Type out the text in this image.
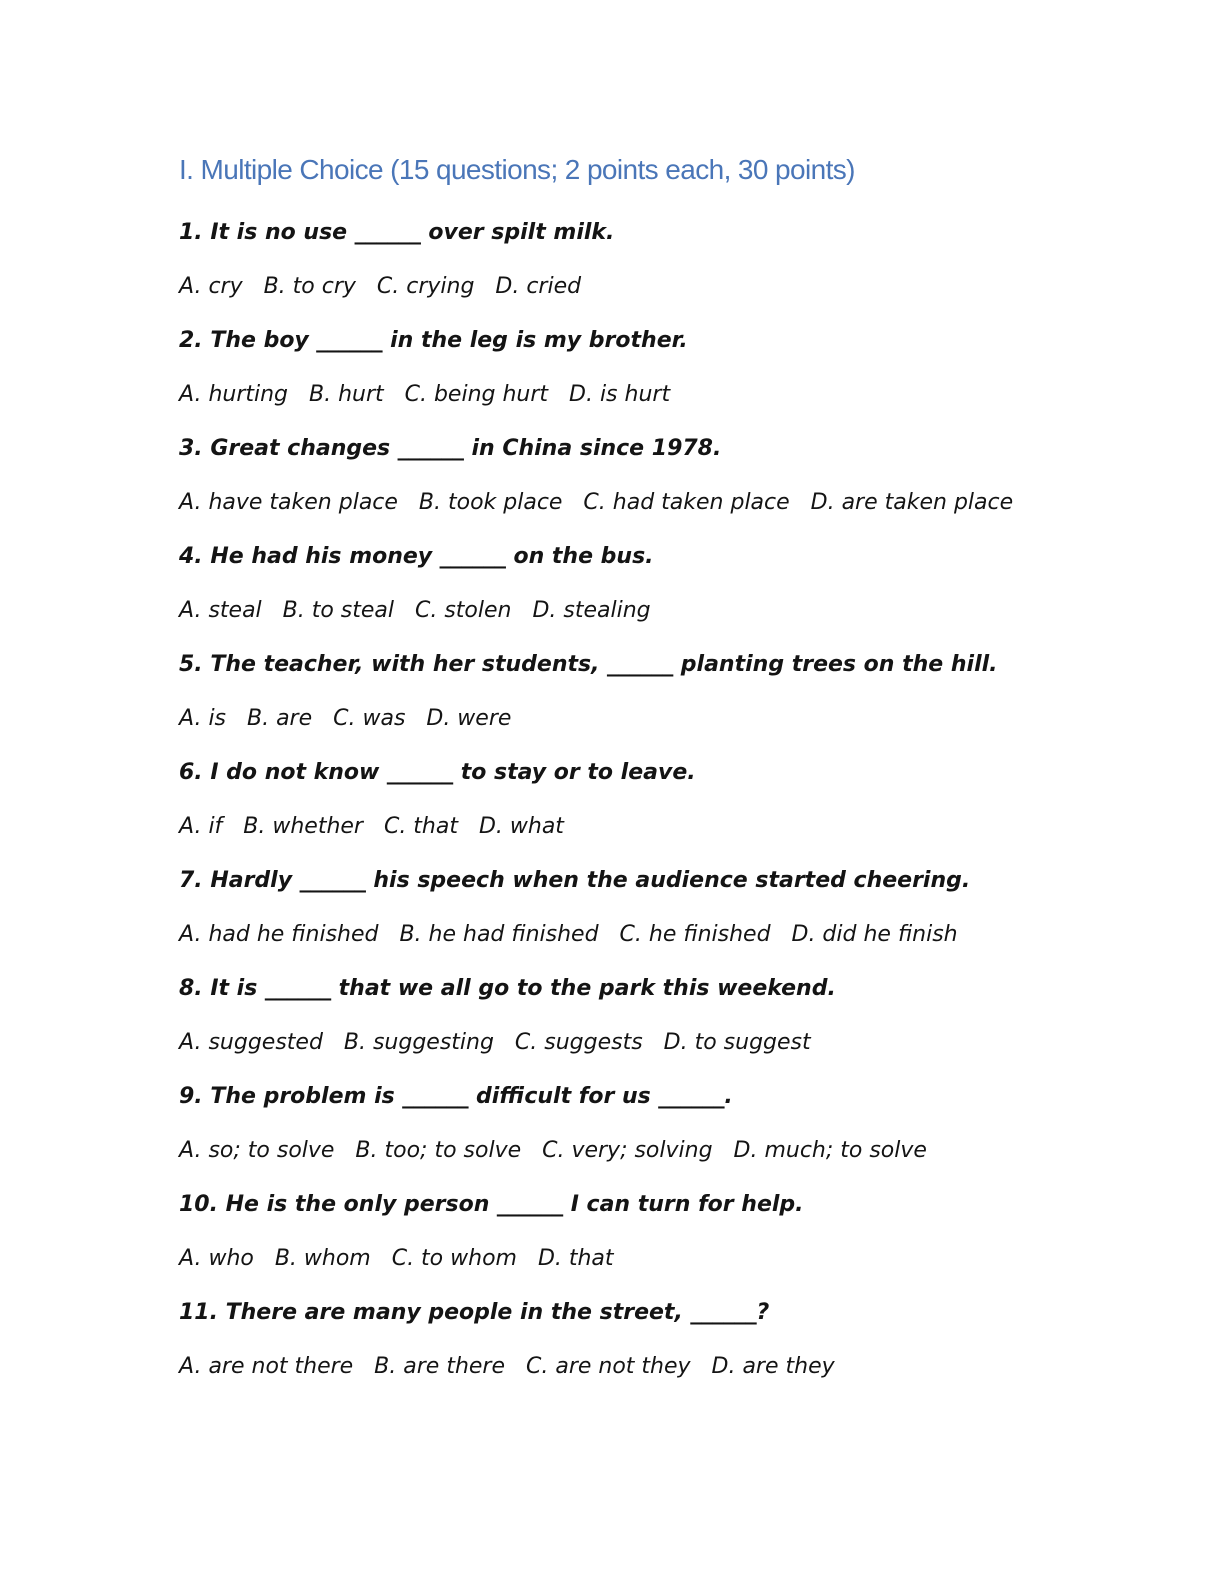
I. Multiple Choice (15 questions; 2 points each, 30 points)
1. It is no use ______ over spilt milk.
A. cry   B. to cry   C. crying   D. cried
2. The boy ______ in the leg is my brother.
A. hurting   B. hurt   C. being hurt   D. is hurt
3. Great changes ______ in China since 1978.
A. have taken place   B. took place   C. had taken place   D. are taken place
4. He had his money ______ on the bus.
A. steal   B. to steal   C. stolen   D. stealing
5. The teacher, with her students, ______ planting trees on the hill.
A. is   B. are   C. was   D. were
6. I do not know ______ to stay or to leave.
A. if   B. whether   C. that   D. what
7. Hardly ______ his speech when the audience started cheering.
A. had he finished   B. he had finished   C. he finished   D. did he finish
8. It is ______ that we all go to the park this weekend.
A. suggested   B. suggesting   C. suggests   D. to suggest
9. The problem is ______ difficult for us ______.
A. so; to solve   B. too; to solve   C. very; solving   D. much; to solve
10. He is the only person ______ I can turn for help.
A. who   B. whom   C. to whom   D. that
11. There are many people in the street, ______?
A. are not there   B. are there   C. are not they   D. are they
